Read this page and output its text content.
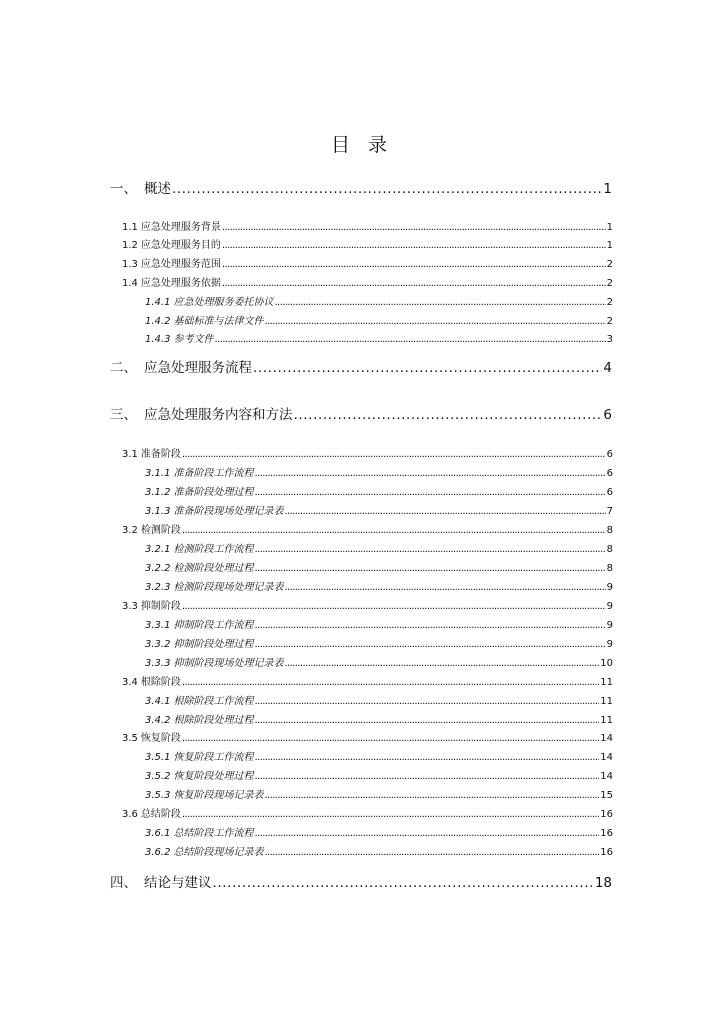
目 录
一、 概述 .....	1
1.1 应急处理服务背景 .....	1
1.2 应急处理服务目的 .....	1
1.3 应急处理服务范围 .....	2
1.4 应急处理服务依据 .....	2
1.4.1 应急处理服务委托协议 .....	2
1.4.2 基础标准与法律文件 .....	2
1.4.3 参考文件 .....	3
二、 应急处理服务流程 .....	4
三、 应急处理服务内容和方法 .....	6
3.1 准备阶段 .....	6
3.1.1 准备阶段工作流程 .....	6
3.1.2 准备阶段处理过程 .....	6
3.1.3 准备阶段现场处理记录表 .....	7
3.2 检测阶段 .....	8
3.2.1 检测阶段工作流程 .....	8
3.2.2 检测阶段处理过程 .....	8
3.2.3 检测阶段现场处理记录表 .....	9
3.3 抑制阶段 .....	9
3.3.1 抑制阶段工作流程 .....	9
3.3.2 抑制阶段处理过程 .....	9
3.3.3 抑制阶段现场处理记录表 .....	10
3.4 根除阶段 .....	11
3.4.1 根除阶段工作流程 .....	11
3.4.2 根除阶段处理过程 .....	11
3.5 恢复阶段 .....	14
3.5.1 恢复阶段工作流程 .....	14
3.5.2 恢复阶段处理过程 .....	14
3.5.3 恢复阶段现场记录表 .....	15
3.6 总结阶段 .....	16
3.6.1 总结阶段工作流程 .....	16
3.6.2 总结阶段现场记录表 .....	16
四、 结论与建议 .....	18
